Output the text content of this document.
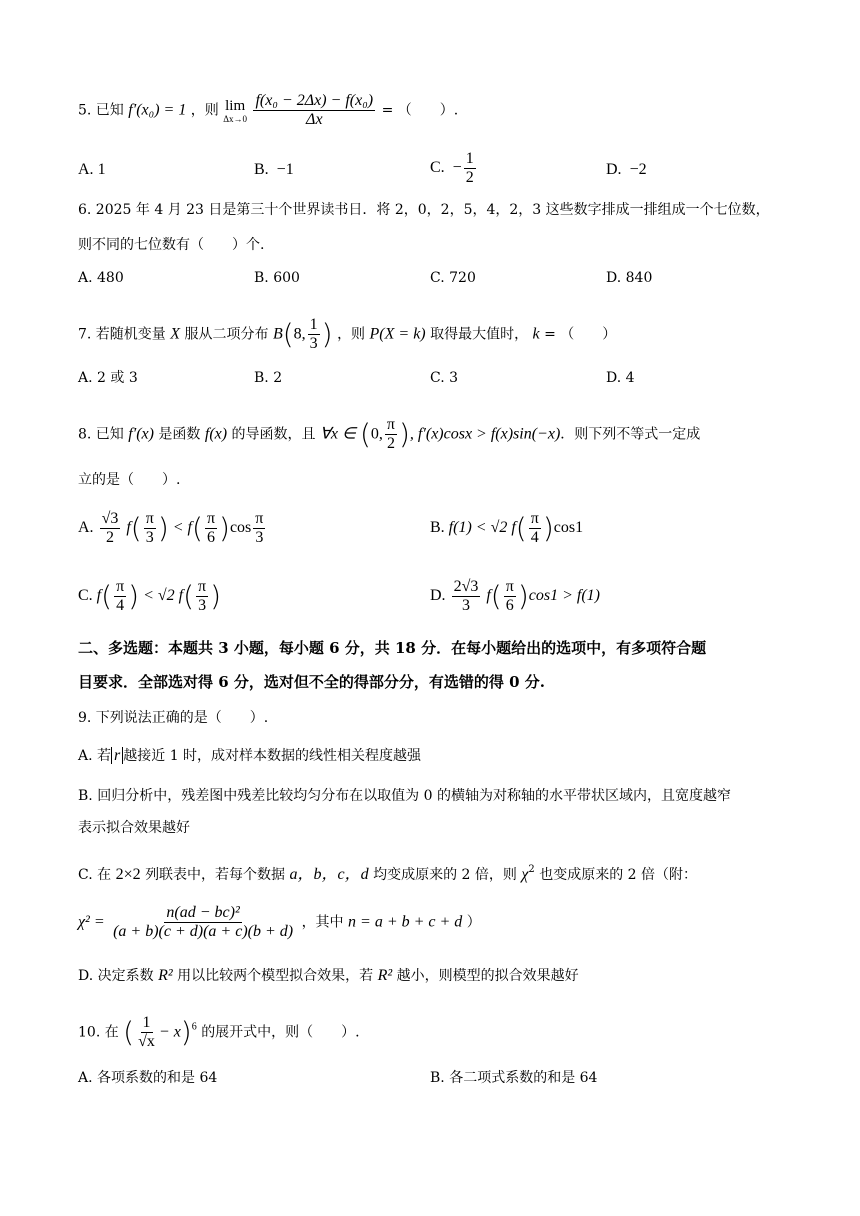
5. 已知 f′(x₀) = 1 ，则 lim
Δx→0
$\frac{\text{f(x₀ − 2Δx) − f(x₀)}}{\Delta x}$ = （　　）.
A. 1	B. −1	C. − $\frac{1}{2}$	D. −2
6. 2025 年 4 月 23 日是第三十个世界读书日．将 2，0，2，5，4，2，3 这些数字排成一排组成一个七位数，
则不同的七位数有（　　）个.
A. 480	B. 600	C. 720	D. 840
7. 若随机变量 X 服从二项分布 B(8, $\frac{1}{3}$ ) ，则 P(X = k) 取得最大值时， k = （　　）
A. 2 或 3	B. 2	C. 3	D. 4
8. 已知 f′(x) 是函数 f(x) 的导函数，且 ∀x ∈ (0, $\frac{\pi}{2}$ ), f′(x)cosx > f(x)sin(−x)．则下列不等式一定成
立的是（　　）.
A. $\frac{√3}{2} f( \frac{\pi}{3}$ ) < $f( \frac{\pi}{6} )\cos \frac{\pi}{3}$	B. f(1) < √2 $f( \frac{\pi}{4} )\cos 1$
C. $f( \frac{\pi}{4}$ ) < √2 $f( \frac{\pi}{3}$ )	D. $\frac{2√3}{3} f( \frac{\pi}{6} )\cos 1 > f(1)$
二、多选题：本题共 3 小题，每小题 6 分，共 18 分．在每小题给出的选项中，有多项符合题
目要求．全部选对得 6 分，选对但不全的得部分分，有选错的得 0 分.
9. 下列说法正确的是（　　）.
A. 若 r 越接近 1 时，成对样本数据的线性相关程度越强
B. 回归分析中，残差图中残差比较均匀分布在以取值为 0 的横轴为对称轴的水平带状区域内，且宽度越窄
表示拟合效果越好
C. 在 2×2 列联表中，若每个数据 a，b，c，d 均变成原来的 2 倍，则 $\chi^2$ 也变成原来的 2 倍（附：
$\chi^2 = \frac{\text{n(ad − bc)²}}{(a + b)(c + d)(a + c)(b + d)}$ ，其中 n = a + b + c + d ）
D. 决定系数 R² 用以比较两个模型拟合效果，若 R² 越小，则模型的拟合效果越好
10. 在 ( $\frac{1}{√x} - x)^6$ 的展开式中，则（　　）.
A. 各项系数的和是 64	B. 各二项式系数的和是 64
